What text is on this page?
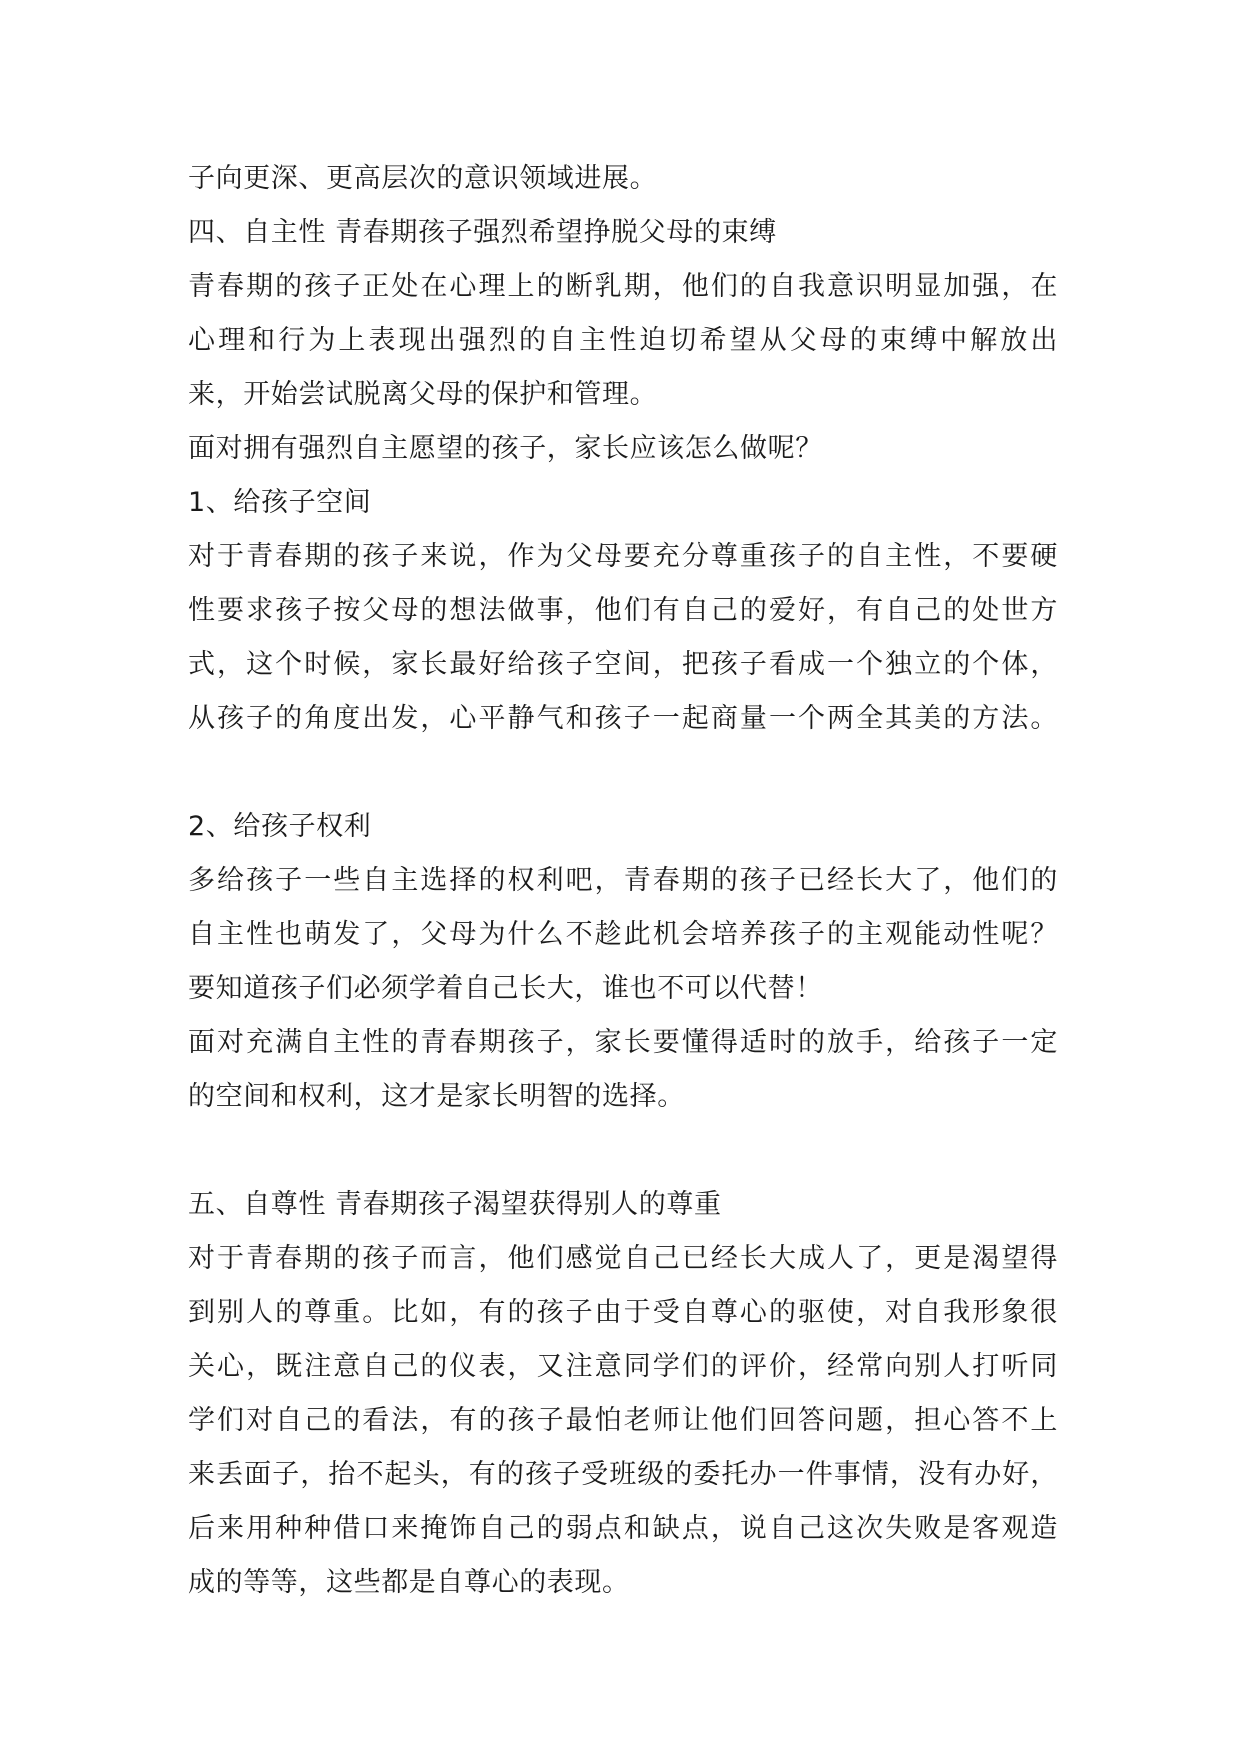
子向更深、更高层次的意识领域进展。
四、自主性 青春期孩子强烈希望挣脱父母的束缚
青春期的孩子正处在心理上的断乳期，他们的自我意识明显加强，在
心理和行为上表现出强烈的自主性迫切希望从父母的束缚中解放出
来，开始尝试脱离父母的保护和管理。
面对拥有强烈自主愿望的孩子，家长应该怎么做呢？
1、给孩子空间
对于青春期的孩子来说，作为父母要充分尊重孩子的自主性，不要硬
性要求孩子按父母的想法做事，他们有自己的爱好，有自己的处世方
式，这个时候，家长最好给孩子空间，把孩子看成一个独立的个体，
从孩子的角度出发，心平静气和孩子一起商量一个两全其美的方法。
2、给孩子权利
多给孩子一些自主选择的权利吧，青春期的孩子已经长大了，他们的
自主性也萌发了，父母为什么不趁此机会培养孩子的主观能动性呢？
要知道孩子们必须学着自己长大，谁也不可以代替！
面对充满自主性的青春期孩子，家长要懂得适时的放手，给孩子一定
的空间和权利，这才是家长明智的选择。
五、自尊性 青春期孩子渴望获得别人的尊重
对于青春期的孩子而言，他们感觉自己已经长大成人了，更是渴望得
到别人的尊重。比如，有的孩子由于受自尊心的驱使，对自我形象很
关心，既注意自己的仪表，又注意同学们的评价，经常向别人打听同
学们对自己的看法，有的孩子最怕老师让他们回答问题，担心答不上
来丢面子，抬不起头，有的孩子受班级的委托办一件事情，没有办好，
后来用种种借口来掩饰自己的弱点和缺点，说自己这次失败是客观造
成的等等，这些都是自尊心的表现。
